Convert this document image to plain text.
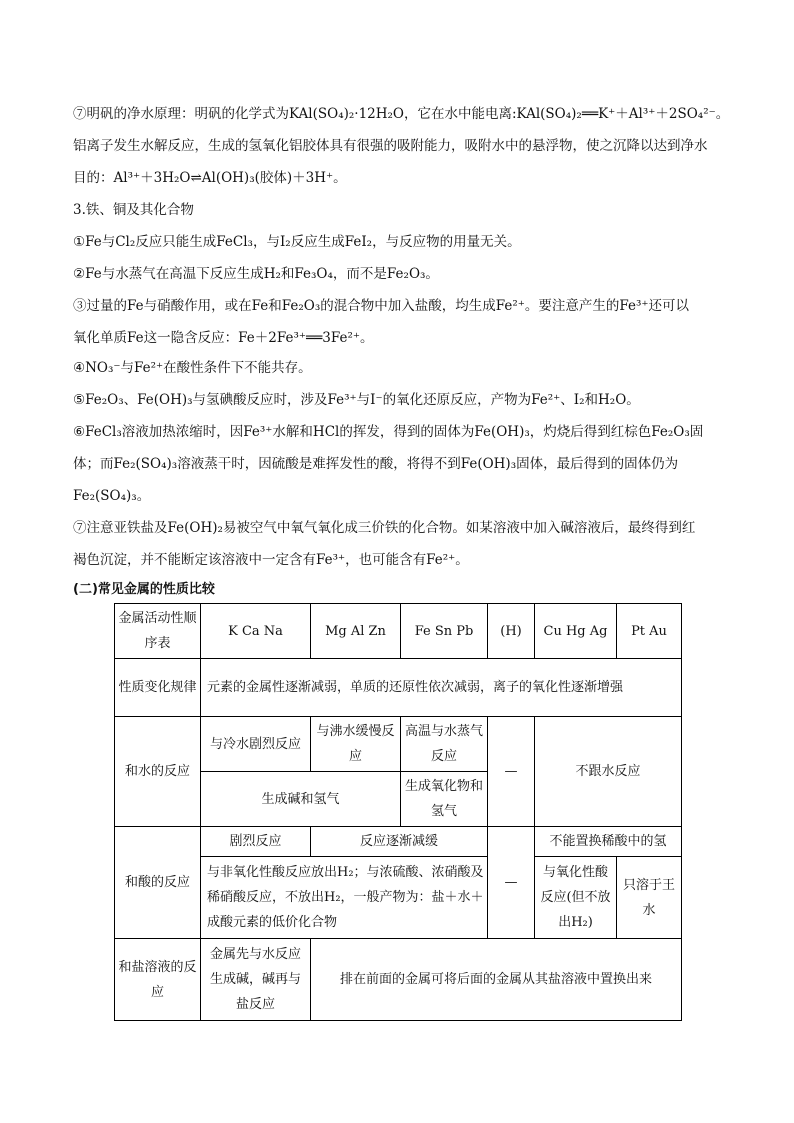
⑦明矾的净水原理：明矾的化学式为KAl(SO₄)₂·12H₂O，它在水中能电离:KAl(SO₄)₂══K⁺＋Al³⁺＋2SO₄²⁻。
铝离子发生水解反应，生成的氢氧化铝胶体具有很强的吸附能力，吸附水中的悬浮物，使之沉降以达到净水
目的：Al³⁺＋3H₂O⇌Al(OH)₃(胶体)＋3H⁺。
3.铁、铜及其化合物
①Fe与Cl₂反应只能生成FeCl₃，与I₂反应生成FeI₂，与反应物的用量无关。
②Fe与水蒸气在高温下反应生成H₂和Fe₃O₄，而不是Fe₂O₃。
③过量的Fe与硝酸作用，或在Fe和Fe₂O₃的混合物中加入盐酸，均生成Fe²⁺。要注意产生的Fe³⁺还可以
氧化单质Fe这一隐含反应：Fe＋2Fe³⁺══3Fe²⁺。
④NO₃⁻与Fe²⁺在酸性条件下不能共存。
⑤Fe₂O₃、Fe(OH)₃与氢碘酸反应时，涉及Fe³⁺与I⁻的氧化还原反应，产物为Fe²⁺、I₂和H₂O。
⑥FeCl₃溶液加热浓缩时，因Fe³⁺水解和HCl的挥发，得到的固体为Fe(OH)₃，灼烧后得到红棕色Fe₂O₃固
体；而Fe₂(SO₄)₃溶液蒸干时，因硫酸是难挥发性的酸，将得不到Fe(OH)₃固体，最后得到的固体仍为
Fe₂(SO₄)₃。
⑦注意亚铁盐及Fe(OH)₂易被空气中氧气氧化成三价铁的化合物。如某溶液中加入碱溶液后，最终得到红
褐色沉淀，并不能断定该溶液中一定含有Fe³⁺，也可能含有Fe²⁺。
(二)常见金属的性质比较
金属活动性顺序表	K Ca Na	Mg Al Zn	Fe Sn Pb	(H)	Cu Hg Ag	Pt Au
性质变化规律	元素的金属性逐渐减弱，单质的还原性依次减弱，离子的氧化性逐渐增强					
和水的反应	与冷水剧烈反应	与沸水缓慢反应	高温与水蒸气反应	—	不跟水反应	
	生成碱和氢气		生成氧化物和氢气			
和酸的反应	剧烈反应	反应逐渐减缓		—	不能置换稀酸中的氢	
	与非氧化性酸反应放出H₂；与浓硫酸、浓硝酸及稀硝酸反应，不放出H₂，一般产物为：盐＋水＋成酸元素的低价化合物				与氧化性酸反应(但不放出H₂)	只溶于王水
和盐溶液的反应	金属先与水反应生成碱，碱再与盐反应	排在前面的金属可将后面的金属从其盐溶液中置换出来				
